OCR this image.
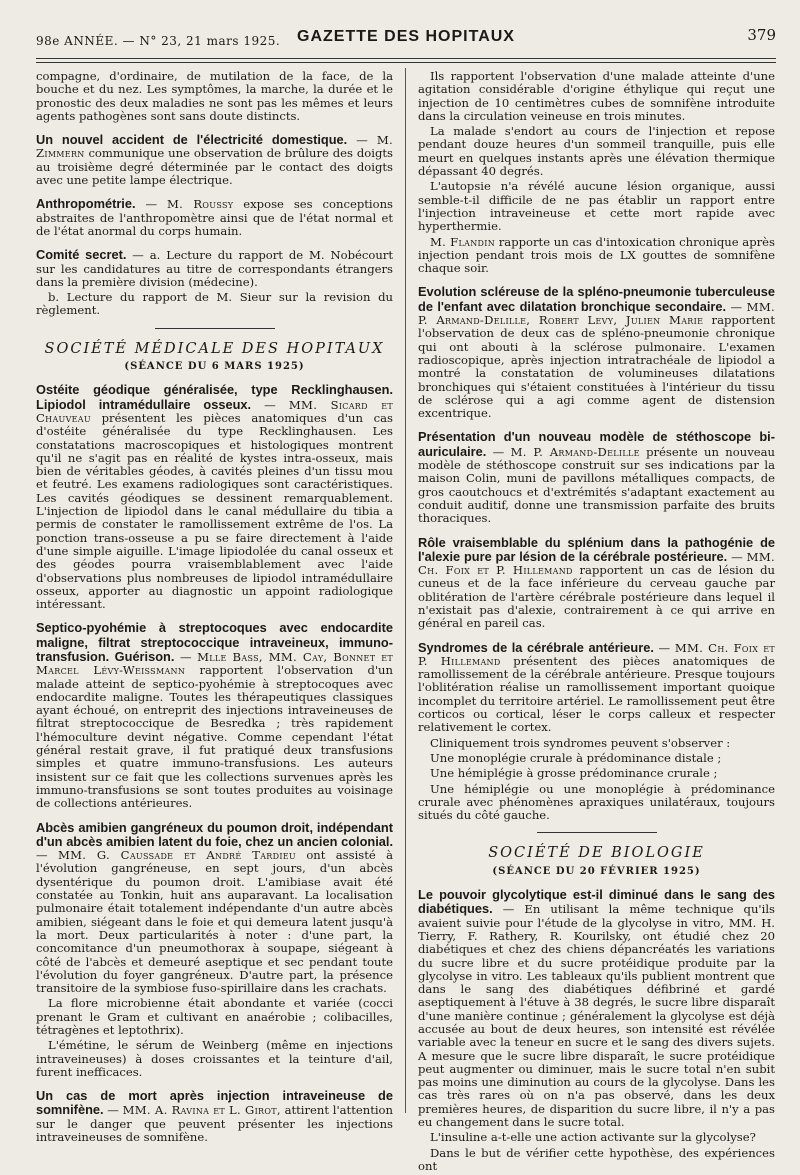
98e ANNÉE. — N° 23, 21 mars 1925.	GAZETTE DES HOPITAUX	379

compagne, d'ordinaire, de mutilation de la face, de la bouche et du nez. Les symptômes, la marche, la durée et le pronostic des deux maladies ne sont pas les mêmes et leurs agents pathogènes sont sans doute distincts.

Un nouvel accident de l'électricité domestique. — M. Zimmern communique une observation de brûlure des doigts au troisième degré déterminée par le contact des doigts avec une petite lampe électrique.

Anthropométrie. — M. Roussy expose ses conceptions abstraites de l'anthropomètre ainsi que de l'état normal et de l'état anormal du corps humain.

Comité secret. — a. Lecture du rapport de M. Nobécourt sur les candidatures au titre de correspondants étrangers dans la première division (médecine).

b. Lecture du rapport de M. Sieur sur la revision du règlement.

SOCIÉTÉ MÉDICALE DES HOPITAUX
(SÉANCE DU 6 MARS 1925)

Ostéite géodique généralisée, type Recklinghausen. Lipiodol intramédullaire osseux. — MM. Sicard et Chauveau présentent les pièces anatomiques d'un cas d'ostéite généralisée du type Recklinghausen. Les constatations macroscopiques et histologiques montrent qu'il ne s'agit pas en réalité de kystes intra-osseux, mais bien de véritables géodes, à cavités pleines d'un tissu mou et feutré. Les examens radiologiques sont caractéristiques. Les cavités géodiques se dessinent remarquablement. L'injection de lipiodol dans le canal médullaire du tibia a permis de constater le ramollissement extrême de l'os. La ponction trans-osseuse a pu se faire directement à l'aide d'une simple aiguille. L'image lipiodolée du canal osseux et des géodes pourra vraisemblablement avec l'aide d'observations plus nombreuses de lipiodol intramédullaire osseux, apporter au diagnostic un appoint radiologique intéressant.

Septico-pyohémie à streptocoques avec endocardite maligne, filtrat streptococcique intraveineux, immuno-transfusion. Guérison. — Mlle Bass, MM. Cay, Bonnet et Marcel Lévy-Weissmann rapportent l'observation d'un malade atteint de septico-pyohémie à streptocoques avec endocardite maligne. Toutes les thérapeutiques classiques ayant échoué, on entreprit des injections intraveineuses de filtrat streptococcique de Besredka ; très rapidement l'hémoculture devint négative. Comme cependant l'état général restait grave, il fut pratiqué deux transfusions simples et quatre immuno-transfusions. Les auteurs insistent sur ce fait que les collections survenues après les immuno-transfusions se sont toutes produites au voisinage de collections antérieures.

Abcès amibien gangréneux du poumon droit, indépendant d'un abcès amibien latent du foie, chez un ancien colonial. — MM. G. Caussade et André Tardieu ont assisté à l'évolution gangréneuse, en sept jours, d'un abcès dysentérique du poumon droit. L'amibiase avait été constatée au Tonkin, huit ans auparavant. La localisation pulmonaire était totalement indépendante d'un autre abcès amibien, siégeant dans le foie et qui demeura latent jusqu'à la mort. Deux particularités à noter : d'une part, la concomitance d'un pneumothorax à soupape, siégeant à côté de l'abcès et demeuré aseptique et sec pendant toute l'évolution du foyer gangréneux. D'autre part, la présence transitoire de la symbiose fuso-spirillaire dans les crachats.

La flore microbienne était abondante et variée (cocci prenant le Gram et cultivant en anaérobie ; colibacilles, tétragènes et leptothrix).

L'émétine, le sérum de Weinberg (même en injections intraveineuses) à doses croissantes et la teinture d'ail, furent inefficaces.

Un cas de mort après injection intraveineuse de somnifène. — MM. A. Ravina et L. Girot, attirent l'attention sur le danger que peuvent présenter les injections intraveineuses de somnifène.

Ils rapportent l'observation d'une malade atteinte d'une agitation considérable d'origine éthylique qui reçut une injection de 10 centimètres cubes de somnifène introduite dans la circulation veineuse en trois minutes.

La malade s'endort au cours de l'injection et repose pendant douze heures d'un sommeil tranquille, puis elle meurt en quelques instants après une élévation thermique dépassant 40 degrés.

L'autopsie n'a révélé aucune lésion organique, aussi semble-t-il difficile de ne pas établir un rapport entre l'injection intraveineuse et cette mort rapide avec hyperthermie.

M. Flandin rapporte un cas d'intoxication chronique après injection pendant trois mois de LX gouttes de somnifène chaque soir.

Evolution scléreuse de la spléno-pneumonie tuberculeuse de l'enfant avec dilatation bronchique secondaire. — MM. P. Armand-Delille, Robert Levy, Julien Marie rapportent l'observation de deux cas de spléno-pneumonie chronique qui ont abouti à la sclérose pulmonaire. L'examen radioscopique, après injection intratrachéale de lipiodol a montré la constatation de volumineuses dilatations bronchiques qui s'étaient constituées à l'intérieur du tissu de sclérose qui a agi comme agent de distension excentrique.

Présentation d'un nouveau modèle de stéthoscope bi-auriculaire. — M. P. Armand-Delille présente un nouveau modèle de stéthoscope construit sur ses indications par la maison Colin, muni de pavillons métalliques compacts, de gros caoutchoucs et d'extrémités s'adaptant exactement au conduit auditif, donne une transmission parfaite des bruits thoraciques.

Rôle vraisemblable du splénium dans la pathogénie de l'alexie pure par lésion de la cérébrale postérieure. — MM. Ch. Foix et P. Hillemand rapportent un cas de lésion du cuneus et de la face inférieure du cerveau gauche par oblitération de l'artère cérébrale postérieure dans lequel il n'existait pas d'alexie, contrairement à ce qui arrive en général en pareil cas.

Syndromes de la cérébrale antérieure. — MM. Ch. Foix et P. Hillemand présentent des pièces anatomiques de ramollissement de la cérébrale antérieure. Presque toujours l'oblitération réalise un ramollissement important quoique incomplet du territoire artériel. Le ramollissement peut être corticos ou cortical, léser le corps calleux et respecter relativement le cortex.

Cliniquement trois syndromes peuvent s'observer :

Une monoplégie crurale à prédominance distale ;

Une hémiplégie à grosse prédominance crurale ;

Une hémiplégie ou une monoplégie à prédominance crurale avec phénomènes apraxiques unilatéraux, toujours situés du côté gauche.

SOCIÉTÉ DE BIOLOGIE
(SÉANCE DU 20 FÉVRIER 1925)

Le pouvoir glycolytique est-il diminué dans le sang des diabétiques. — En utilisant la même technique qu'ils avaient suivie pour l'étude de la glycolyse in vitro, MM. H. Tierry, F. Rathery, R. Kourilsky, ont étudié chez 20 diabétiques et chez des chiens dépancréatés les variations du sucre libre et du sucre protéidique produite par la glycolyse in vitro. Les tableaux qu'ils publient montrent que dans le sang des diabétiques défibriné et gardé aseptiquement à l'étuve à 38 degrés, le sucre libre disparaît d'une manière continue ; généralement la glycolyse est déjà accusée au bout de deux heures, son intensité est révélée variable avec la teneur en sucre et le sang des divers sujets. A mesure que le sucre libre disparaît, le sucre protéidique peut augmenter ou diminuer, mais le sucre total n'en subit pas moins une diminution au cours de la glycolyse. Dans les cas très rares où on n'a pas observé, dans les deux premières heures, de disparition du sucre libre, il n'y a pas eu changement dans le sucre total.

L'insuline a-t-elle une action activante sur la glycolyse?

Dans le but de vérifier cette hypothèse, des expériences ont
